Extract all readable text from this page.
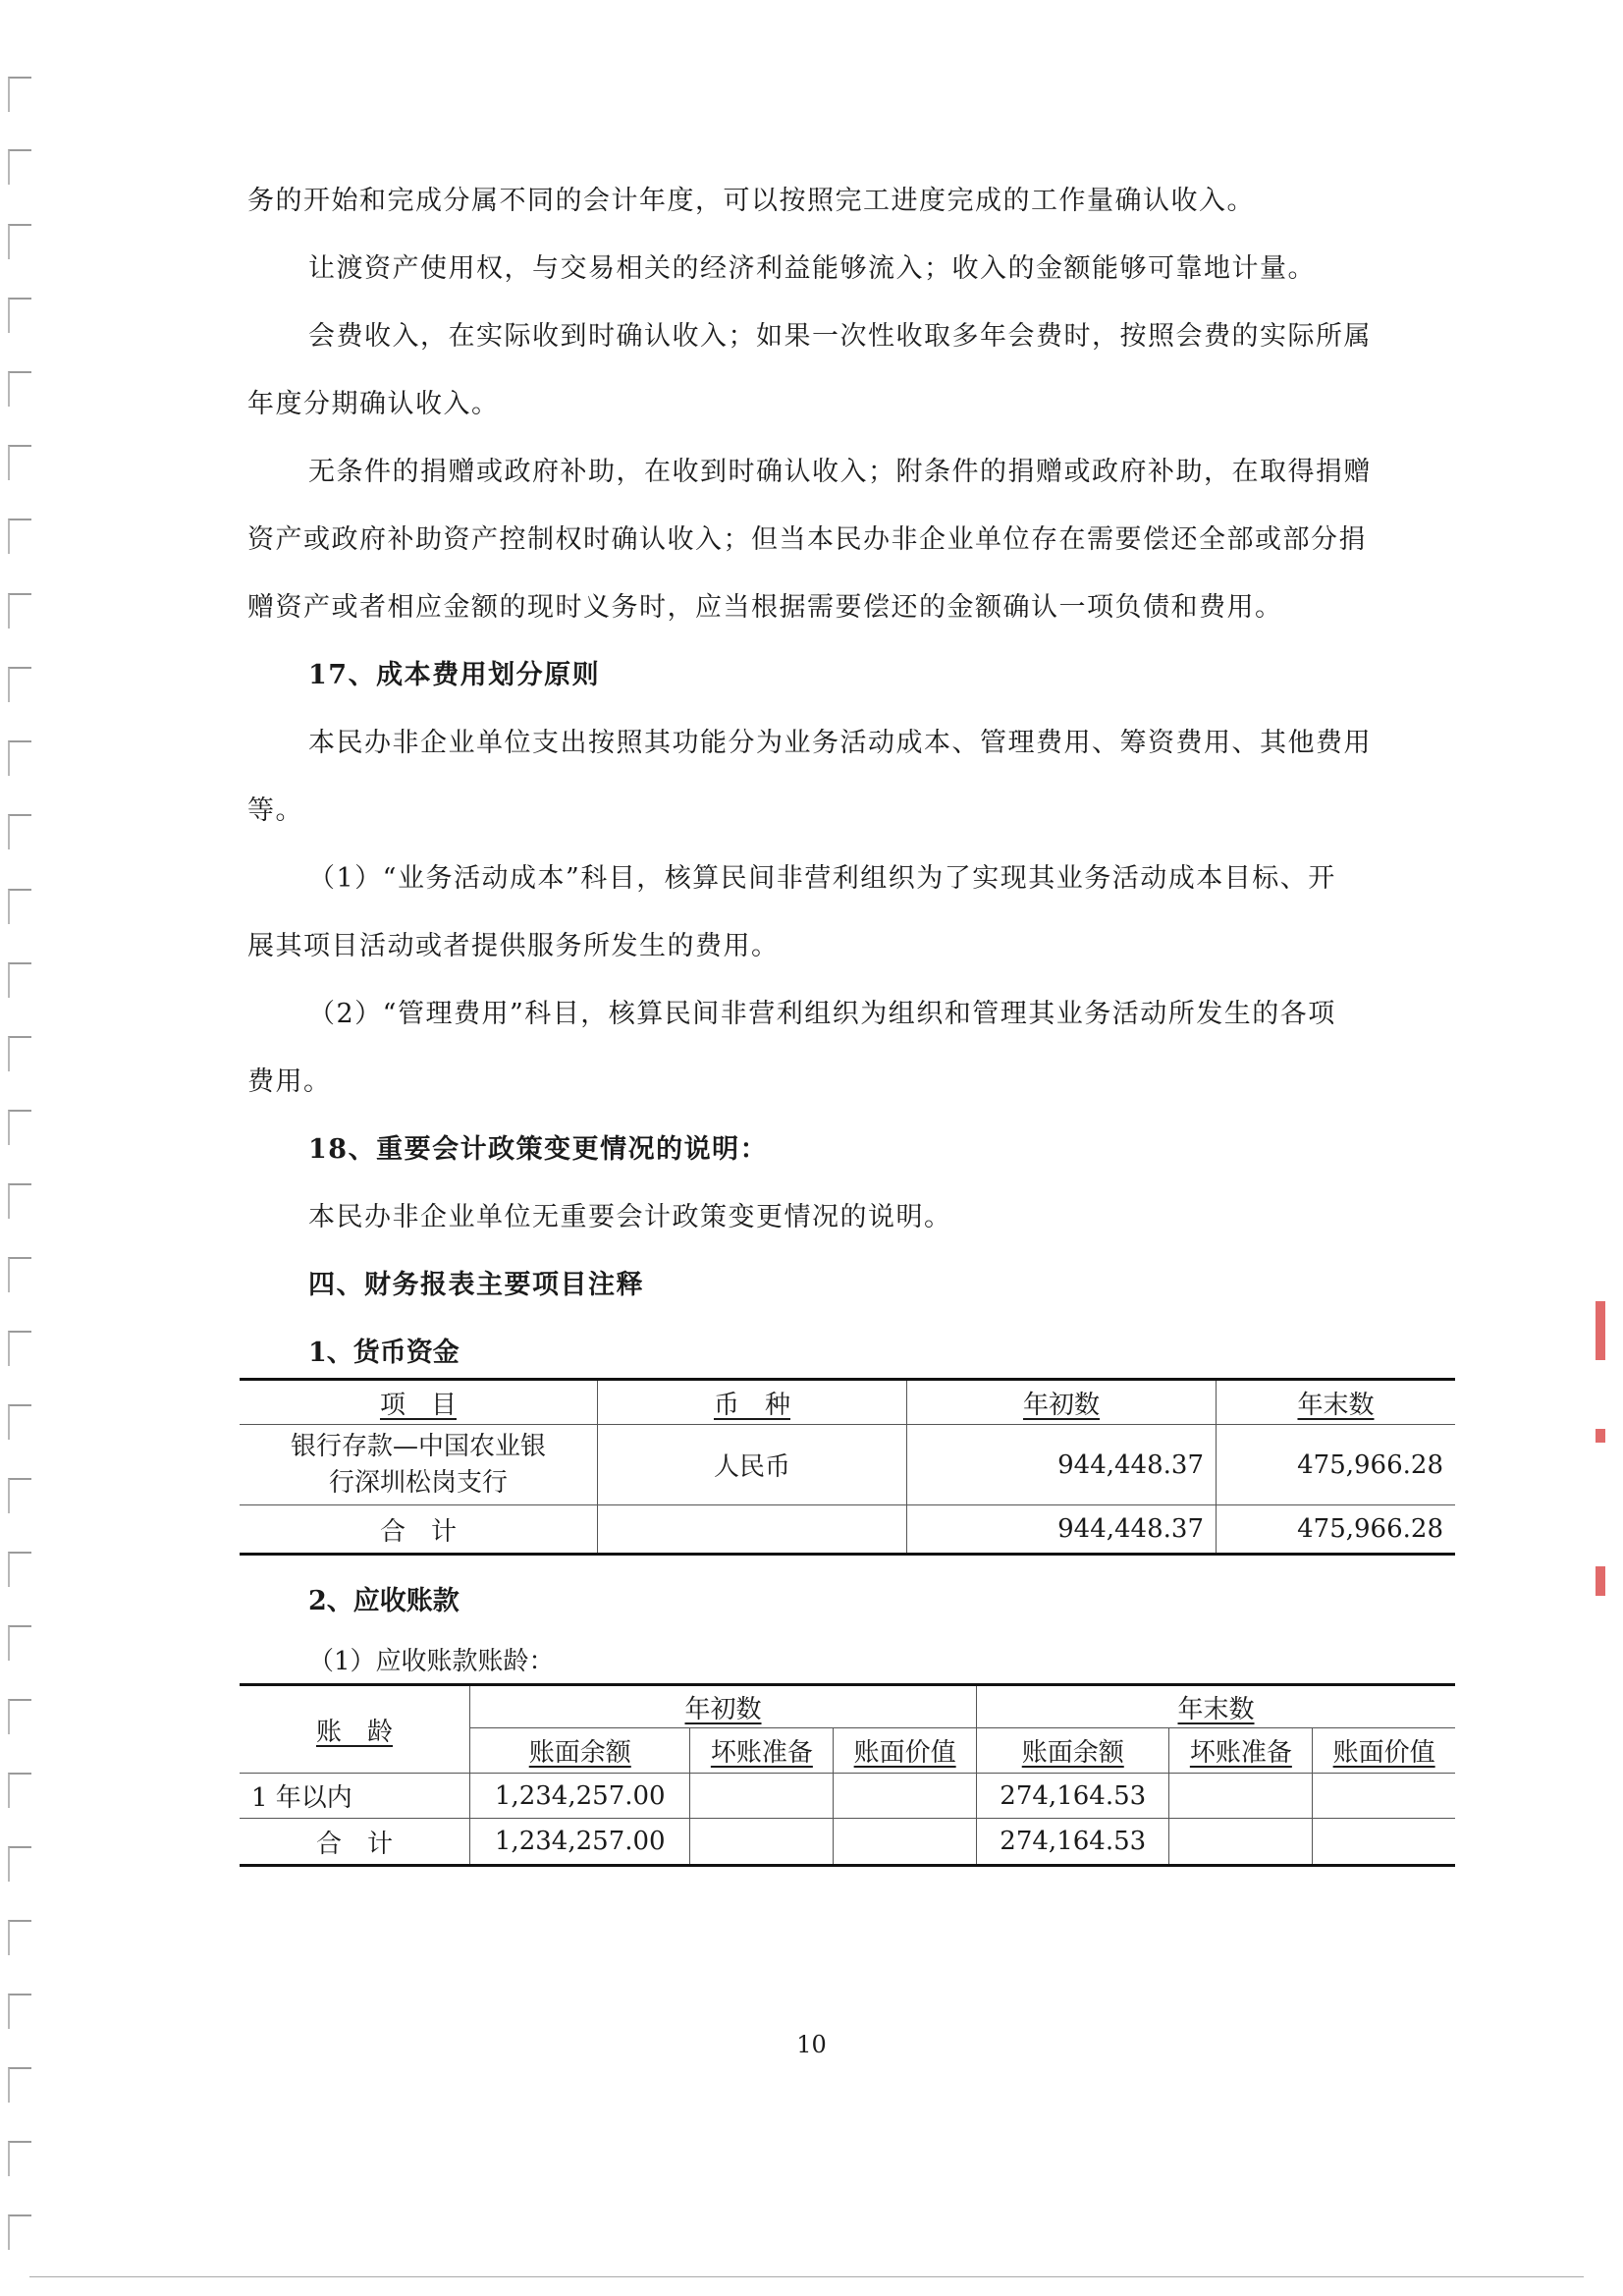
务的开始和完成分属不同的会计年度，可以按照完工进度完成的工作量确认收入。

让渡资产使用权，与交易相关的经济利益能够流入；收入的金额能够可靠地计量。

会费收入，在实际收到时确认收入；如果一次性收取多年会费时，按照会费的实际所属

年度分期确认收入。

无条件的捐赠或政府补助，在收到时确认收入；附条件的捐赠或政府补助，在取得捐赠

资产或政府补助资产控制权时确认收入；但当本民办非企业单位存在需要偿还全部或部分捐

赠资产或者相应金额的现时义务时，应当根据需要偿还的金额确认一项负债和费用。

17、成本费用划分原则

本民办非企业单位支出按照其功能分为业务活动成本、管理费用、筹资费用、其他费用

等。

（1）“业务活动成本”科目，核算民间非营利组织为了实现其业务活动成本目标、开

展其项目活动或者提供服务所发生的费用。

（2）“管理费用”科目，核算民间非营利组织为组织和管理其业务活动所发生的各项

费用。

18、重要会计政策变更情况的说明：

本民办非企业单位无重要会计政策变更情况的说明。

四、财务报表主要项目注释

1、货币资金
项　目	币　种	年初数	年末数

银行存款—中国农业银
行深圳松岗支行	人民币	944,448.37	475,966.28
合　计		944,448.37	475,966.28
2、应收账款
（1）应收账款账龄：
账　龄	年初数			年末数		
	账面余额	坏账准备	账面价值	账面余额	坏账准备	账面价值
1 年以内	1,234,257.00			274,164.53		
合　计	1,234,257.00			274,164.53		
10
